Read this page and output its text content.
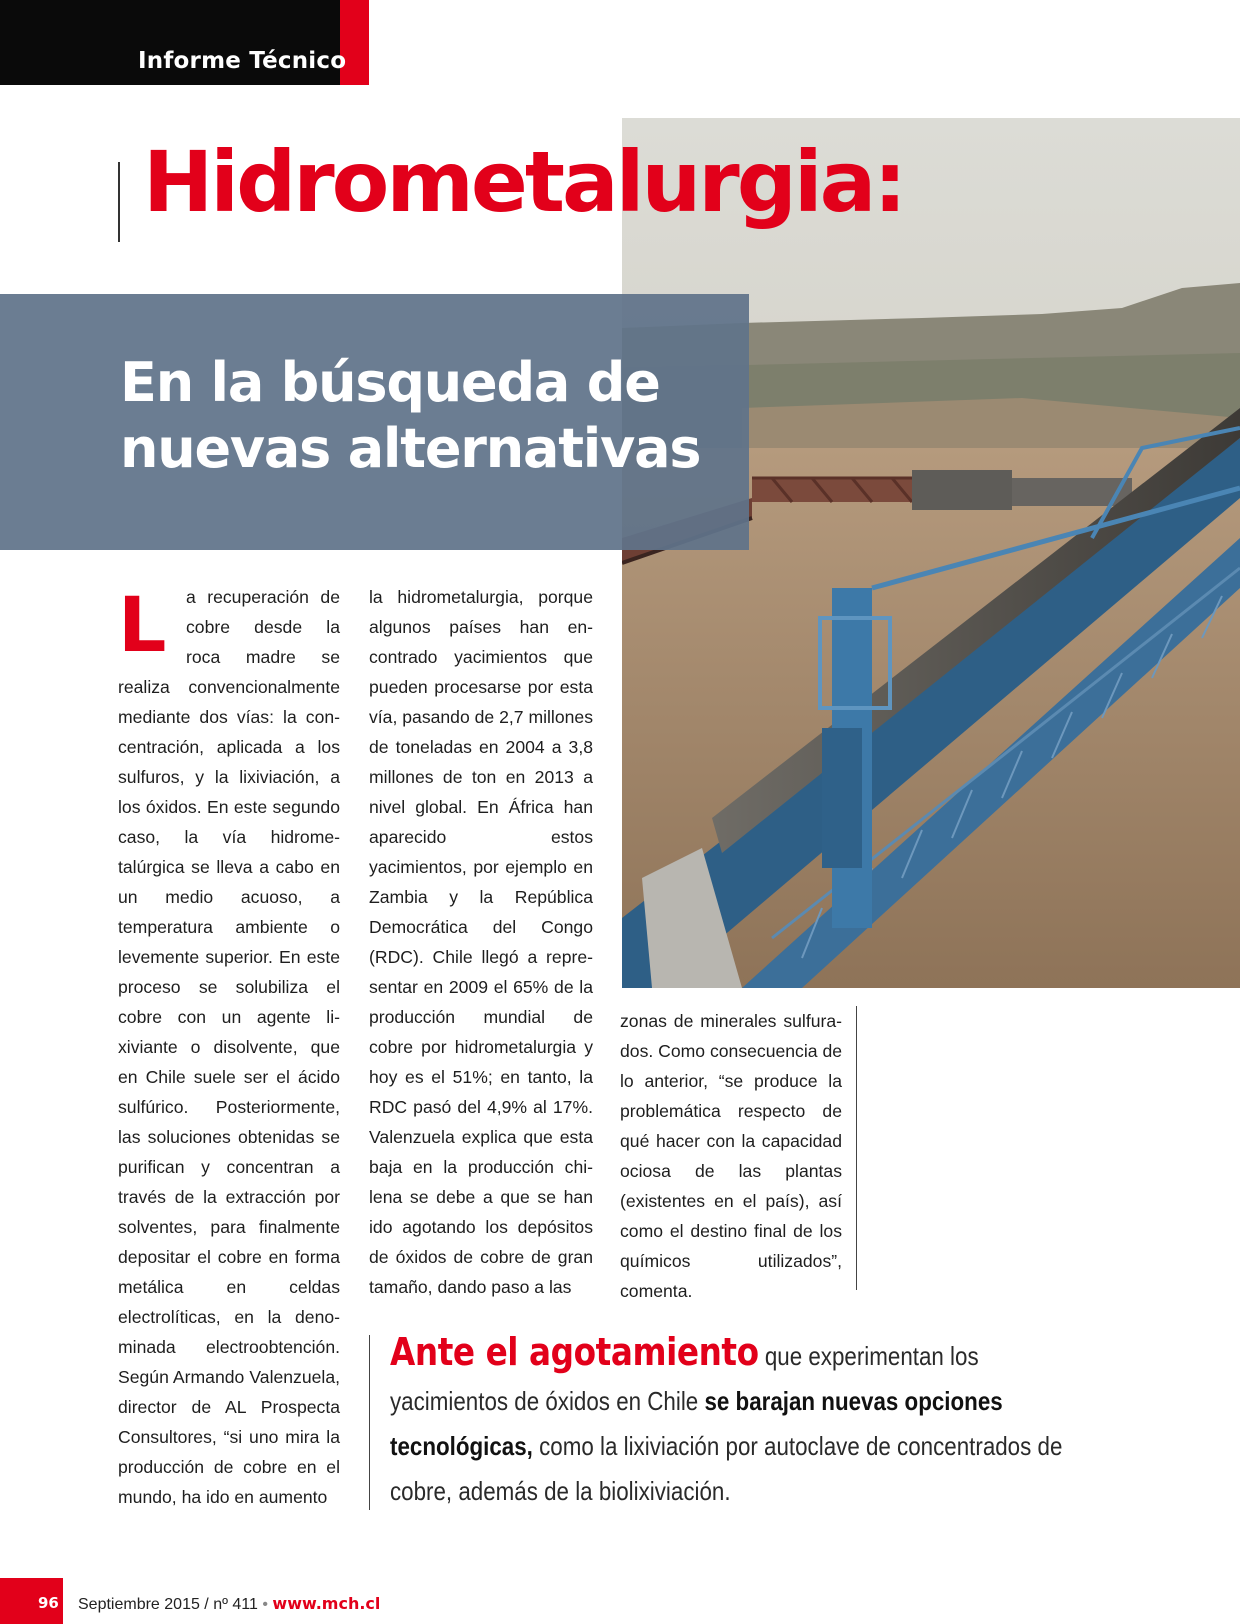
Informe Técnico
Hidrometalurgia:
En la búsqueda de nuevas alternativas
L	a recuperación de cobre desde la roca madre se realiza convencionalmente mediante dos vías: la concentración, aplicada a los sulfuros, y la lixiviación, a los óxidos. En este segundo caso, la vía hidrometalúrgica se lleva a cabo en un medio acuoso, a temperatura ambiente o levemente superior. En este proceso se solubiliza el cobre con un agente lixiviante o disolvente, que en Chile suele ser el ácido sulfúrico. Posteriormente, las soluciones obtenidas se purifican y concentran a través de la extracción por solventes, para finalmente depositar el cobre en forma metálica en celdas electrolíticas, en la denominada electroobtención. Según Armando Valenzuela, director de AL Prospecta Consultores, “si uno mira la producción de cobre en el mundo, ha ido en aumento

la hidrometalurgia, porque algunos países han encontrado yacimientos que pueden procesarse por esta vía, pasando de 2,7 millones de toneladas en 2004 a 3,8 millones de ton en 2013 a nivel global. En África han aparecido estos yacimientos, por ejemplo en Zambia y la República Democrática del Congo (RDC). Chile llegó a representar en 2009 el 65% de la producción mundial de cobre por hidrometalurgia y hoy es el 51%; en tanto, la RDC pasó del 4,9% al 17%. Valenzuela explica que esta baja en la producción chilena se debe a que se han ido agotando los depósitos de óxidos de cobre de gran tamaño, dando paso a las

zonas de minerales sulfurados. Como consecuencia de lo anterior, “se produce la problemática respecto de qué hacer con la capacidad ociosa de las plantas (existentes en el país), así como el destino final de los químicos utilizados”, comenta.

Ante el agotamiento que experimentan los yacimientos de óxidos en Chile se barajan nuevas opciones tecnológicas, como la lixiviación por autoclave de concentrados de cobre, además de la biolixiviación.

96 Septiembre 2015 / nº 411 • www.mch.cl
